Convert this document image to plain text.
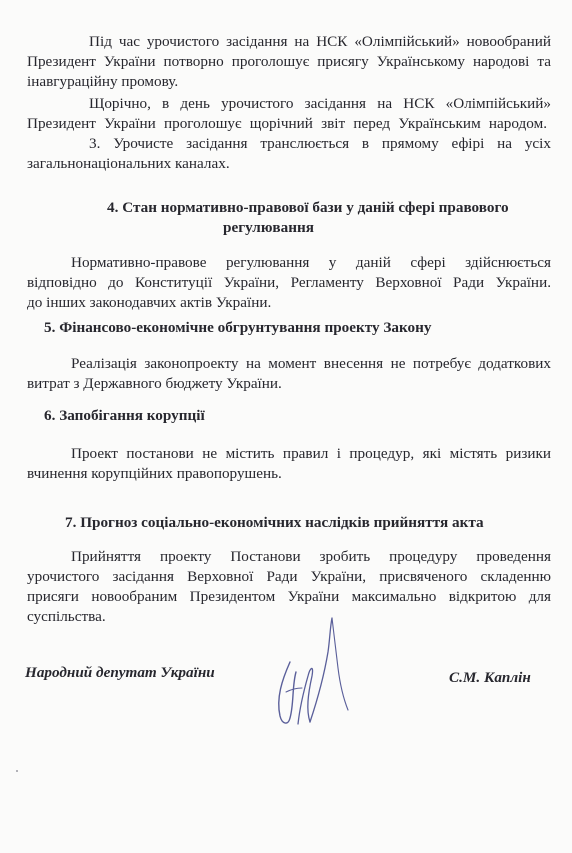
Під час урочистого засідання на НСК «Олімпійський» новообраний
Президент України потворно проголошує присягу Українському народові та
інавгураційну промову.
Щорічно, в день урочистого засідання на НСК «Олімпійський»
Президент України проголошує щорічний звіт перед Українським народом.
3. Урочисте засідання транслюється в прямому ефірі на усіх
загальнонаціональних каналах.
4. Стан нормативно-правової бази у даній сфері правового
регулювання
Нормативно-правове регулювання у даній сфері здійснюється
відповідно до Конституції України, Регламенту Верховної Ради України.
до інших законодавчих актів України.
5. Фінансово-економічне обгрунтування проекту Закону
Реалізація законопроекту на момент внесення не потребує додаткових
витрат з Державного бюджету України.
6. Запобігання корупції
Проект постанови не містить правил і процедур, які містять ризики
вчинення корупційних правопорушень.
7. Прогноз соціально-економічних наслідків прийняття акта
Прийняття проекту Постанови зробить процедуру проведення
урочистого засідання Верховної Ради України, присвяченого складенню
присяги новообраним Президентом України максимально відкритою для
суспільства.
Народний депутат України	С.М. Каплін
